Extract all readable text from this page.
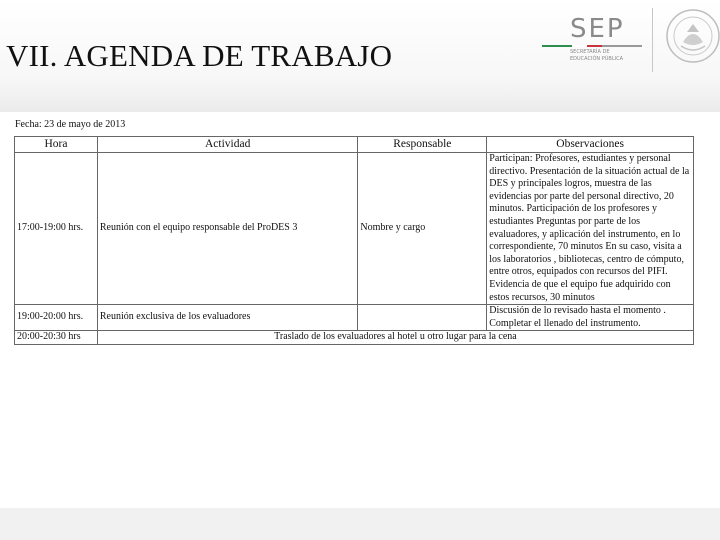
VII. AGENDA DE TRABAJO
SEP
SECRETARÍA DE
EDUCACIÓN PÚBLICA
Fecha: 23 de mayo de 2013
Hora	Actividad	Responsable	Observaciones
17:00-19:00 hrs.	Reunión con el equipo responsable del ProDES 3	Nombre y cargo	Participan: Profesores, estudiantes y personal directivo. Presentación de la situación actual de la DES y principales logros, muestra de las evidencias por parte del personal directivo, 20 minutos. Participación de los profesores y estudiantes Preguntas por parte de los evaluadores, y aplicación del instrumento, en lo correspondiente, 70 minutos En su caso, visita a los laboratorios , bibliotecas, centro de cómputo, entre otros, equipados con recursos del PIFI. Evidencia de que el equipo fue adquirido con estos recursos, 30 minutos
19:00-20:00 hrs.	Reunión exclusiva de los evaluadores		Discusión de lo revisado hasta el momento . Completar el llenado del instrumento.
20:00-20:30 hrs	Traslado de los evaluadores al hotel u otro lugar para la cena		
